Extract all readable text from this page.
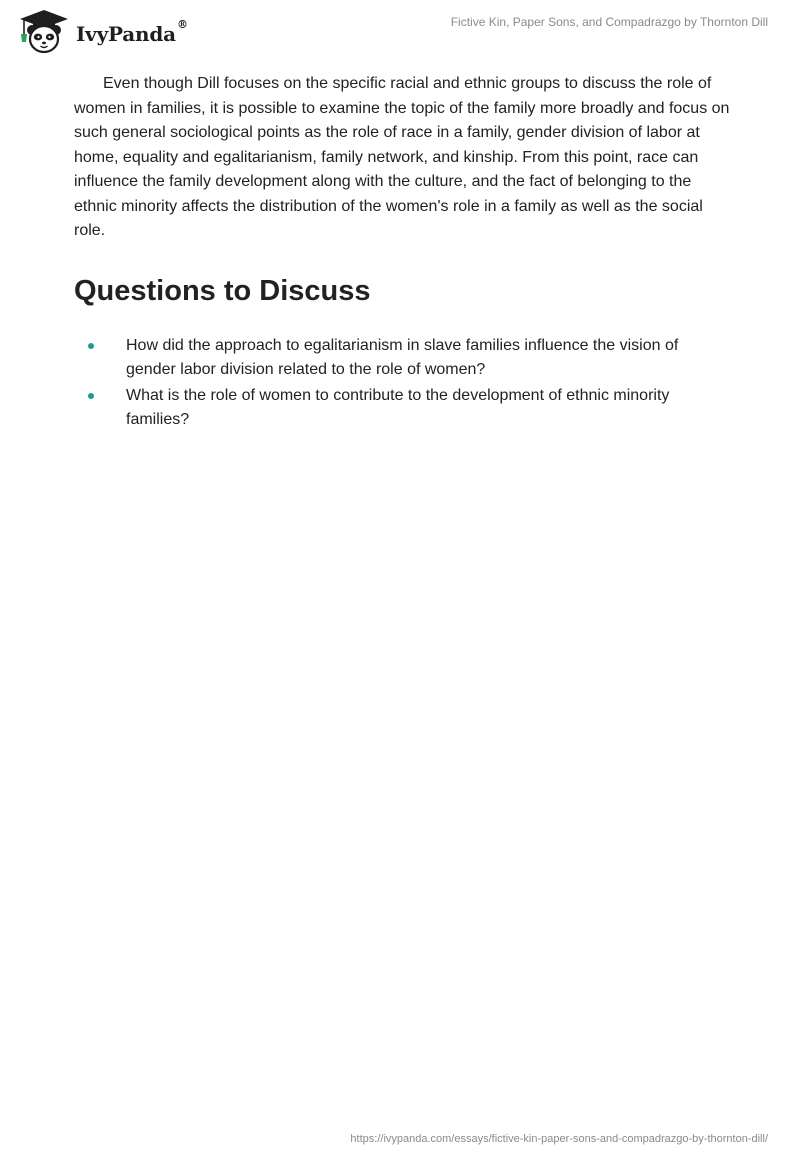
IvyPanda®	Fictive Kin, Paper Sons, and Compadrazgo by Thornton Dill

Even though Dill focuses on the specific racial and ethnic groups to discuss the role of women in families, it is possible to examine the topic of the family more broadly and focus on such general sociological points as the role of race in a family, gender division of labor at home, equality and egalitarianism, family network, and kinship. From this point, race can influence the family development along with the culture, and the fact of belonging to the ethnic minority affects the distribution of the women's role in a family as well as the social role.

Questions to Discuss
How did the approach to egalitarianism in slave families influence the vision of gender labor division related to the role of women?
What is the role of women to contribute to the development of ethnic minority families?
https://ivypanda.com/essays/fictive-kin-paper-sons-and-compadrazgo-by-thornton-dill/
